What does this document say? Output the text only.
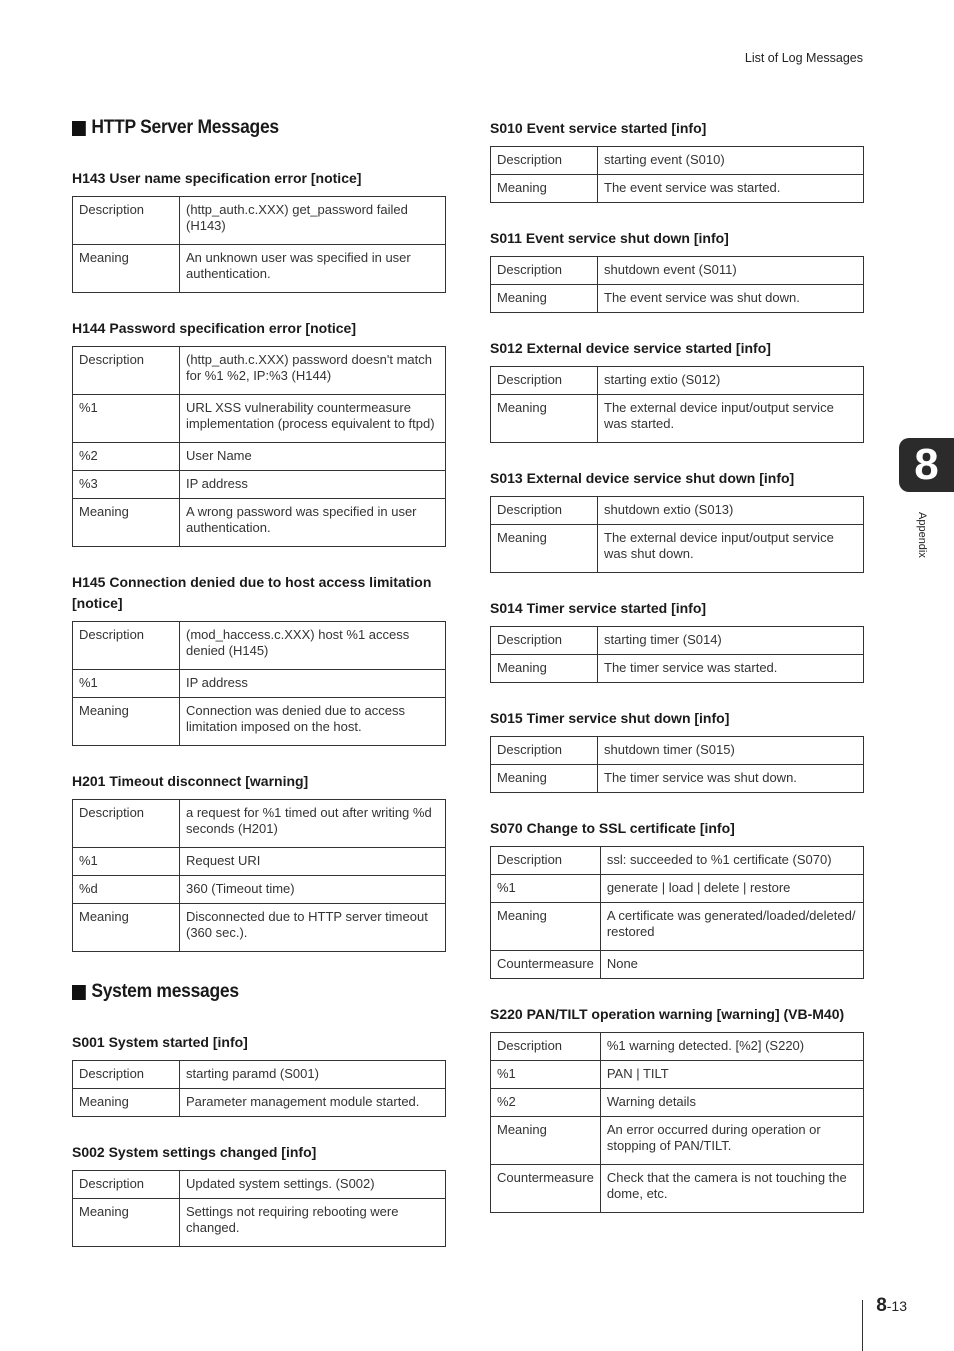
List of Log Messages
HTTP Server Messages
H143 User name specification error [notice]
Description	(http_auth.c.XXX) get_password failed (H143)
Meaning	An unknown user was specified in user authentication.
H144 Password specification error [notice]
Description	(http_auth.c.XXX) password doesn't match for %1 %2, IP:%3 (H144)
%1	URL XSS vulnerability countermeasure implementation (process equivalent to ftpd)
%2	User Name
%3	IP address
Meaning	A wrong password was specified in user authentication.
H145 Connection denied due to host access limitation [notice]
Description	(mod_haccess.c.XXX) host %1 access denied (H145)
%1	IP address
Meaning	Connection was denied due to access limitation imposed on the host.
H201 Timeout disconnect [warning]
Description	a request for %1 timed out after writing %d seconds (H201)
%1	Request URI
%d	360 (Timeout time)
Meaning	Disconnected due to HTTP server timeout (360 sec.).
System messages
S001 System started [info]
Description	starting paramd (S001)
Meaning	Parameter management module started.
S002 System settings changed [info]
Description	Updated system settings. (S002)
Meaning	Settings not requiring rebooting were changed.
S010 Event service started [info]
Description	starting event (S010)
Meaning	The event service was started.
S011 Event service shut down [info]
Description	shutdown event (S011)
Meaning	The event service was shut down.
S012 External device service started [info]
Description	starting extio (S012)
Meaning	The external device input/output service was started.
S013 External device service shut down [info]
Description	shutdown extio (S013)
Meaning	The external device input/output service was shut down.
S014 Timer service started [info]
Description	starting timer (S014)
Meaning	The timer service was started.
S015 Timer service shut down [info]
Description	shutdown timer (S015)
Meaning	The timer service was shut down.
S070 Change to SSL certificate [info]
Description	ssl: succeeded to %1 certificate (S070)
%1	generate | load | delete | restore
Meaning	A certificate was generated/loaded/deleted/ restored
Countermeasure	None
S220 PAN/TILT operation warning [warning] (VB-M40)
Description	%1 warning detected. [%2] (S220)
%1	PAN | TILT
%2	Warning details
Meaning	An error occurred during operation or stopping of PAN/TILT.
Countermeasure	Check that the camera is not touching the dome, etc.
8
Appendix
8-13
